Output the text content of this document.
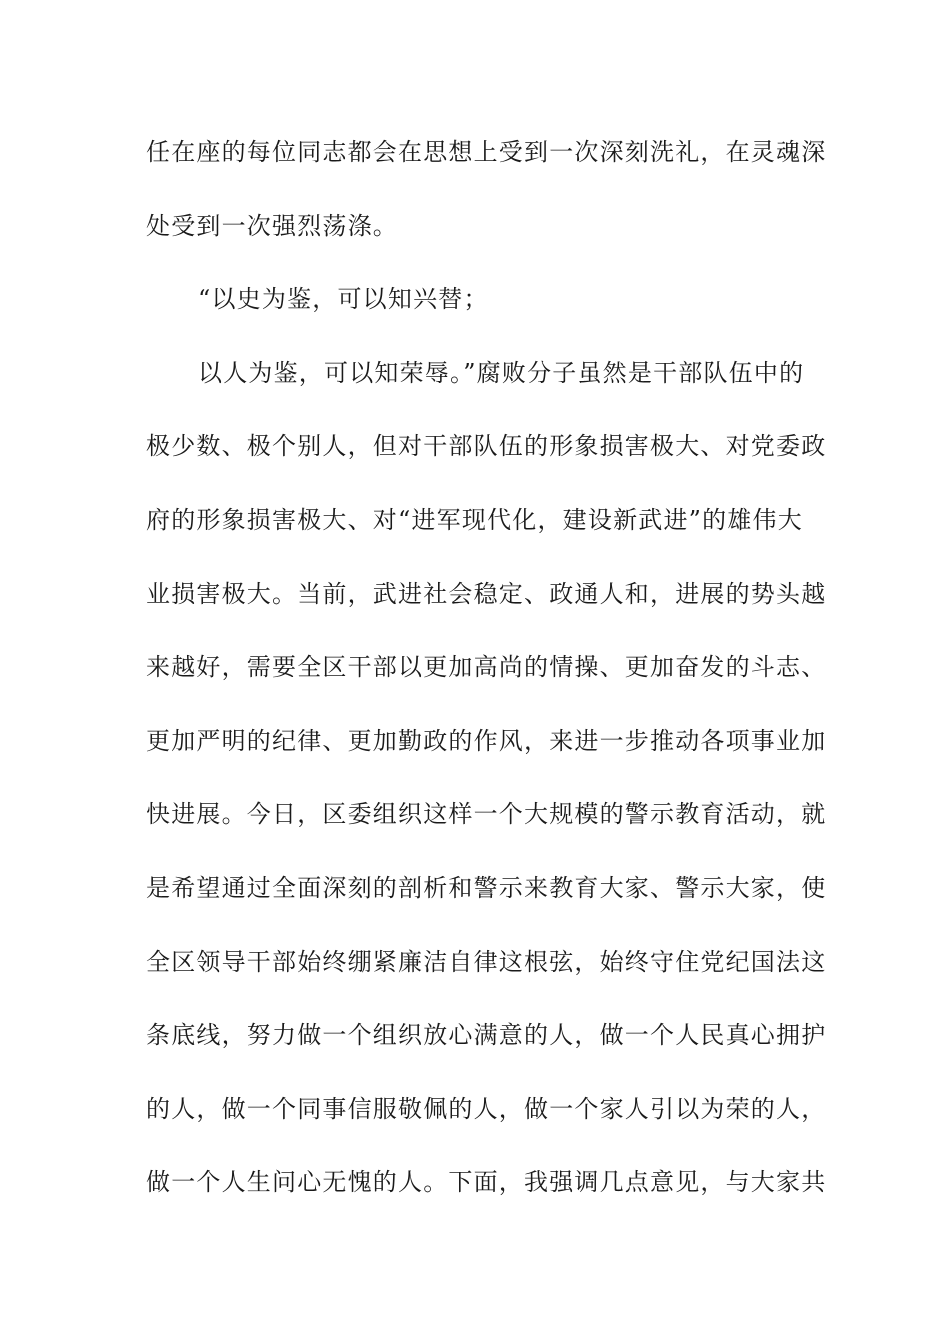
任在座的每位同志都会在思想上受到一次深刻洗礼，在灵魂深
处受到一次强烈荡涤。
“以史为鉴，可以知兴替；
以人为鉴，可以知荣辱。”腐败分子虽然是干部队伍中的
极少数、极个别人，但对干部队伍的形象损害极大、对党委政
府的形象损害极大、对“进军现代化，建设新武进”的雄伟大
业损害极大。当前，武进社会稳定、政通人和，进展的势头越
来越好，需要全区干部以更加高尚的情操、更加奋发的斗志、
更加严明的纪律、更加勤政的作风，来进一步推动各项事业加
快进展。今日，区委组织这样一个大规模的警示教育活动，就
是希望通过全面深刻的剖析和警示来教育大家、警示大家，使
全区领导干部始终绷紧廉洁自律这根弦，始终守住党纪国法这
条底线，努力做一个组织放心满意的人，做一个人民真心拥护
的人，做一个同事信服敬佩的人，做一个家人引以为荣的人，
做一个人生问心无愧的人。下面，我强调几点意见，与大家共
